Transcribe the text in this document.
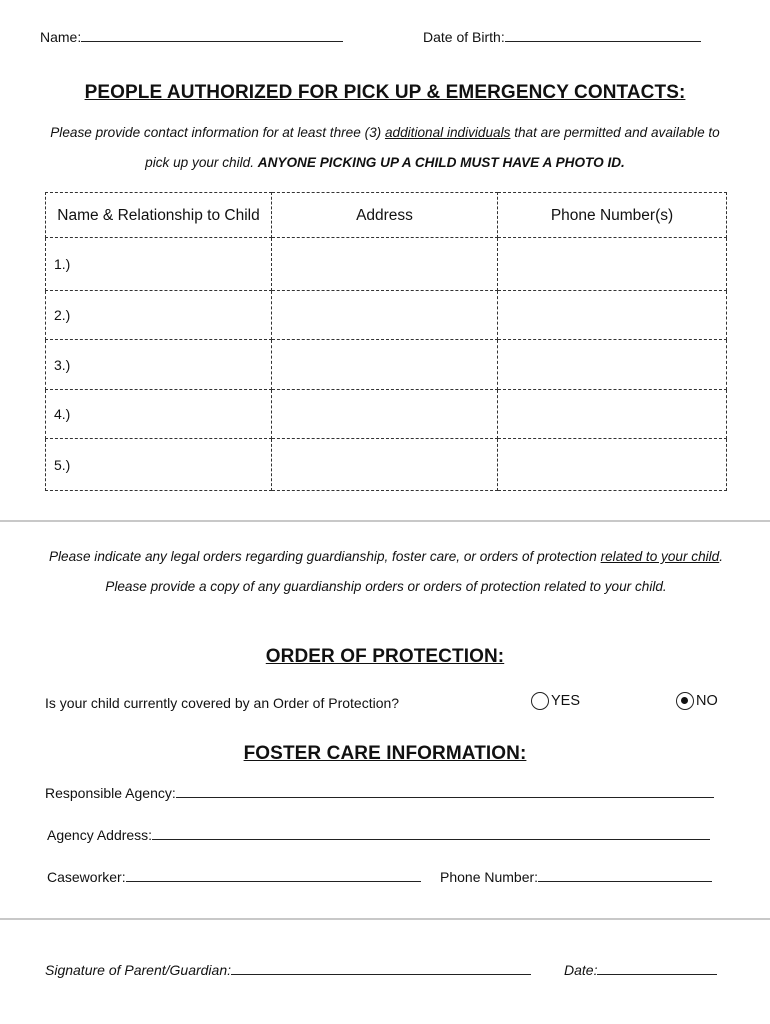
Name:	Date of Birth:
PEOPLE AUTHORIZED FOR PICK UP & EMERGENCY CONTACTS:
Please provide contact information for at least three (3) additional individuals that are permitted and available to pick up your child. ANYONE PICKING UP A CHILD MUST HAVE A PHOTO ID.
Name & Relationship to Child	Address	Phone Number(s)
1.)		
2.)		
3.)		
4.)		
5.)		
Please indicate any legal orders regarding guardianship, foster care, or orders of protection related to your child. Please provide a copy of any guardianship orders or orders of protection related to your child.
ORDER OF PROTECTION:
Is your child currently covered by an Order of Protection?	YES	NO
FOSTER CARE INFORMATION:
Responsible Agency:
Agency Address:
Caseworker:	Phone Number:
Signature of Parent/Guardian:	Date:
